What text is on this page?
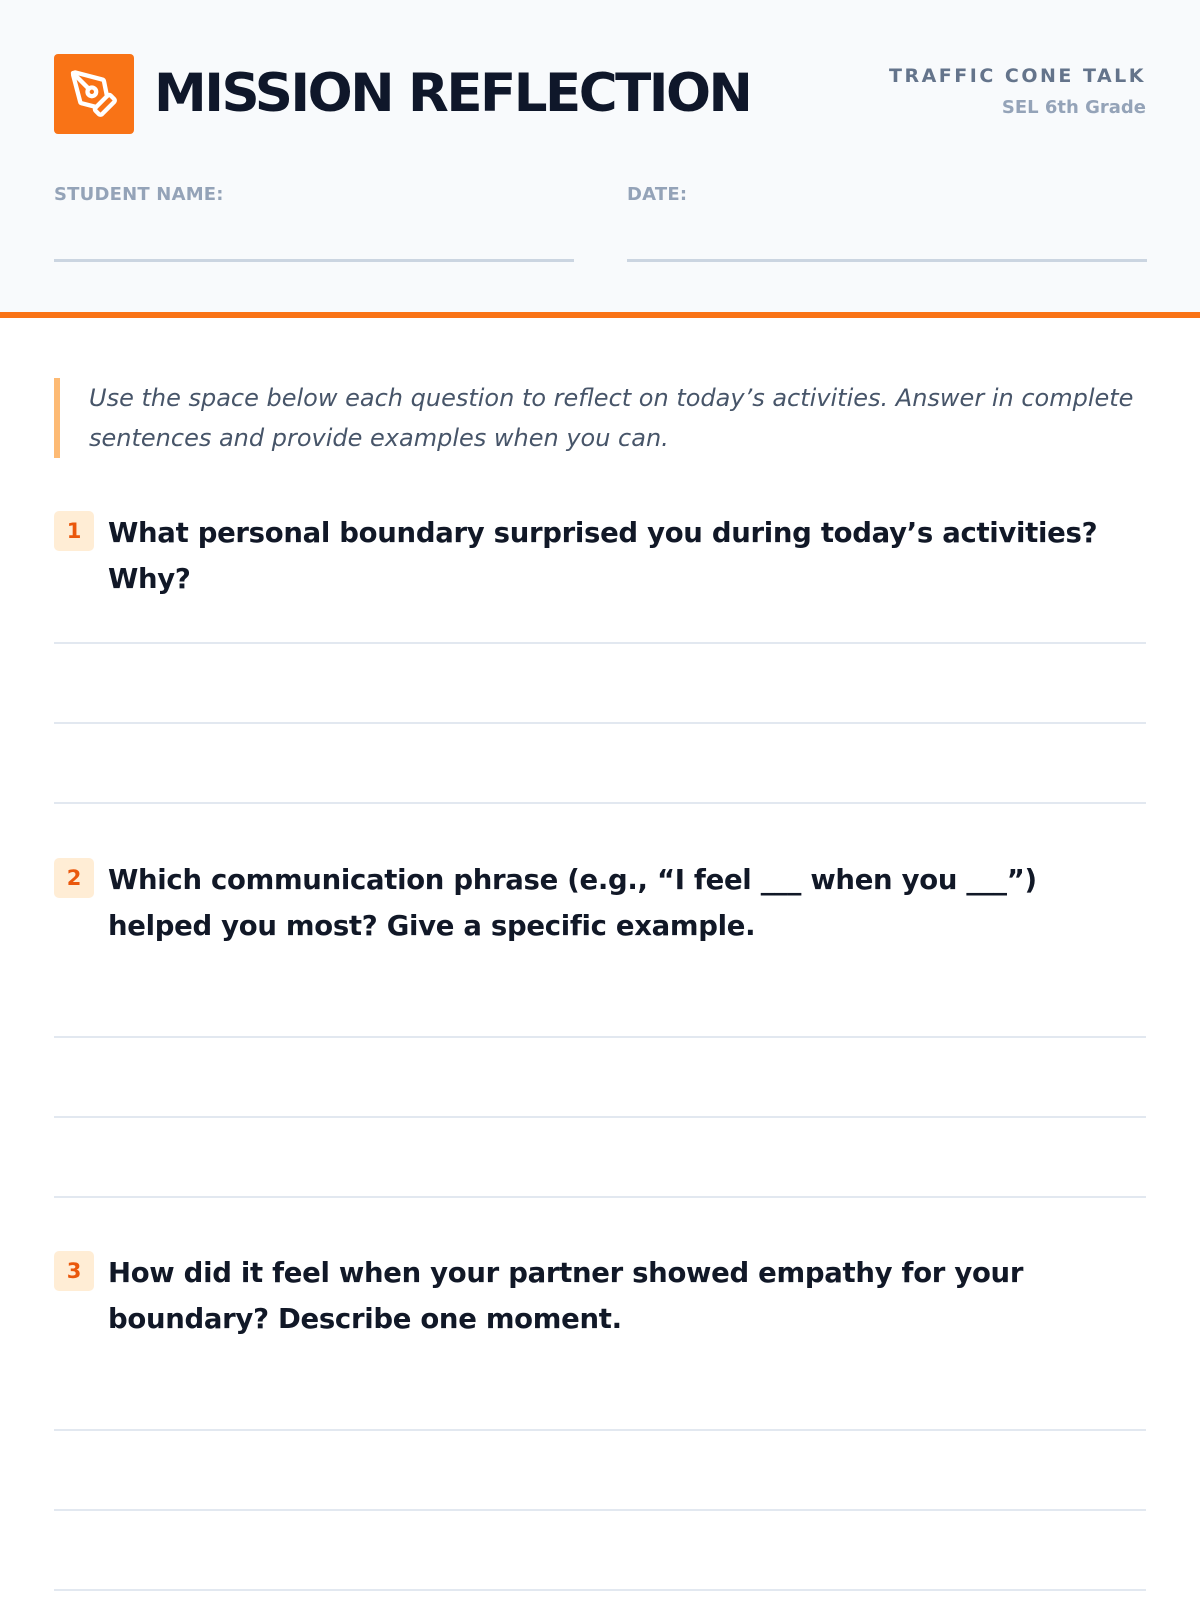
MISSION REFLECTION	TRAFFIC CONE TALK
SEL 6th Grade
STUDENT NAME:	DATE:
Use the space below each question to reflect on today’s activities. Answer in complete sentences and provide examples when you can.
1 What personal boundary surprised you during today’s activities? Why?
2 Which communication phrase (e.g., “I feel ___ when you ___”) helped you most? Give a specific example.
3 How did it feel when your partner showed empathy for your boundary? Describe one moment.
